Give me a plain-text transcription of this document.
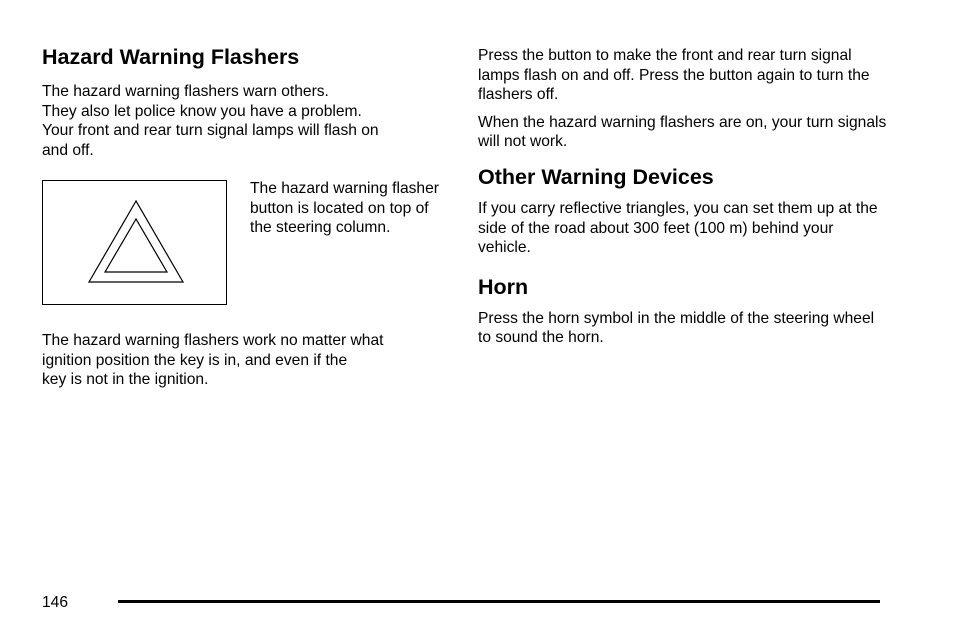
Hazard Warning Flashers

The hazard warning flashers warn others.

They also let police know you have a problem.

Your front and rear turn signal lamps will flash on

and off.

The hazard warning flasher button is located on top of the steering column.

The hazard warning flashers work no matter what

ignition position the key is in, and even if the

key is not in the ignition.

Press the button to make the front and rear turn signal lamps flash on and off. Press the button again to turn the flashers off.

When the hazard warning flashers are on, your turn signals will not work.

Other Warning Devices

If you carry reflective triangles, you can set them up at the side of the road about 300 feet (100 m) behind your vehicle.

Horn

Press the horn symbol in the middle of the steering wheel to sound the horn.

146
